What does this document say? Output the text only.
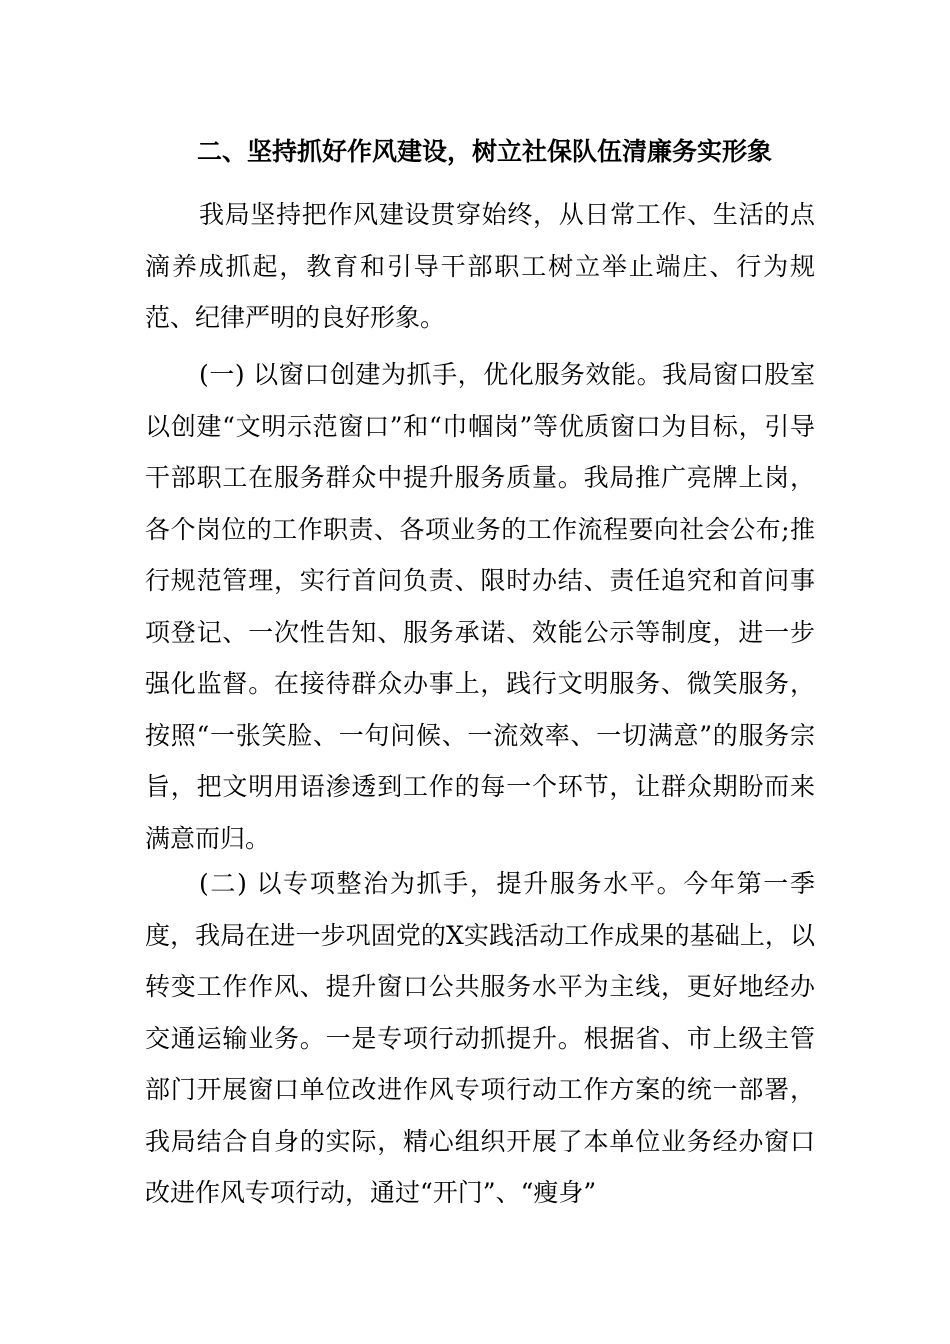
二、坚持抓好作风建设，树立社保队伍清廉务实形象

我局坚持把作风建设贯穿始终，从日常工作、生活的点滴养成抓起，教育和引导干部职工树立举止端庄、行为规范、纪律严明的良好形象。

(一) 以窗口创建为抓手，优化服务效能。我局窗口股室以创建“文明示范窗口”和“巾帼岗”等优质窗口为目标，引导干部职工在服务群众中提升服务质量。我局推广亮牌上岗，各个岗位的工作职责、各项业务的工作流程要向社会公布;推行规范管理，实行首问负责、限时办结、责任追究和首问事项登记、一次性告知、服务承诺、效能公示等制度，进一步强化监督。在接待群众办事上，践行文明服务、微笑服务，按照“一张笑脸、一句问候、一流效率、一切满意”的服务宗旨，把文明用语渗透到工作的每一个环节，让群众期盼而来满意而归。

(二) 以专项整治为抓手，提升服务水平。今年第一季度，我局在进一步巩固党的X实践活动工作成果的基础上，以转变工作作风、提升窗口公共服务水平为主线，更好地经办交通运输业务。一是专项行动抓提升。根据省、市上级主管部门开展窗口单位改进作风专项行动工作方案的统一部署，我局结合自身的实际，精心组织开展了本单位业务经办窗口改进作风专项行动，通过“开门”、“瘦身”
